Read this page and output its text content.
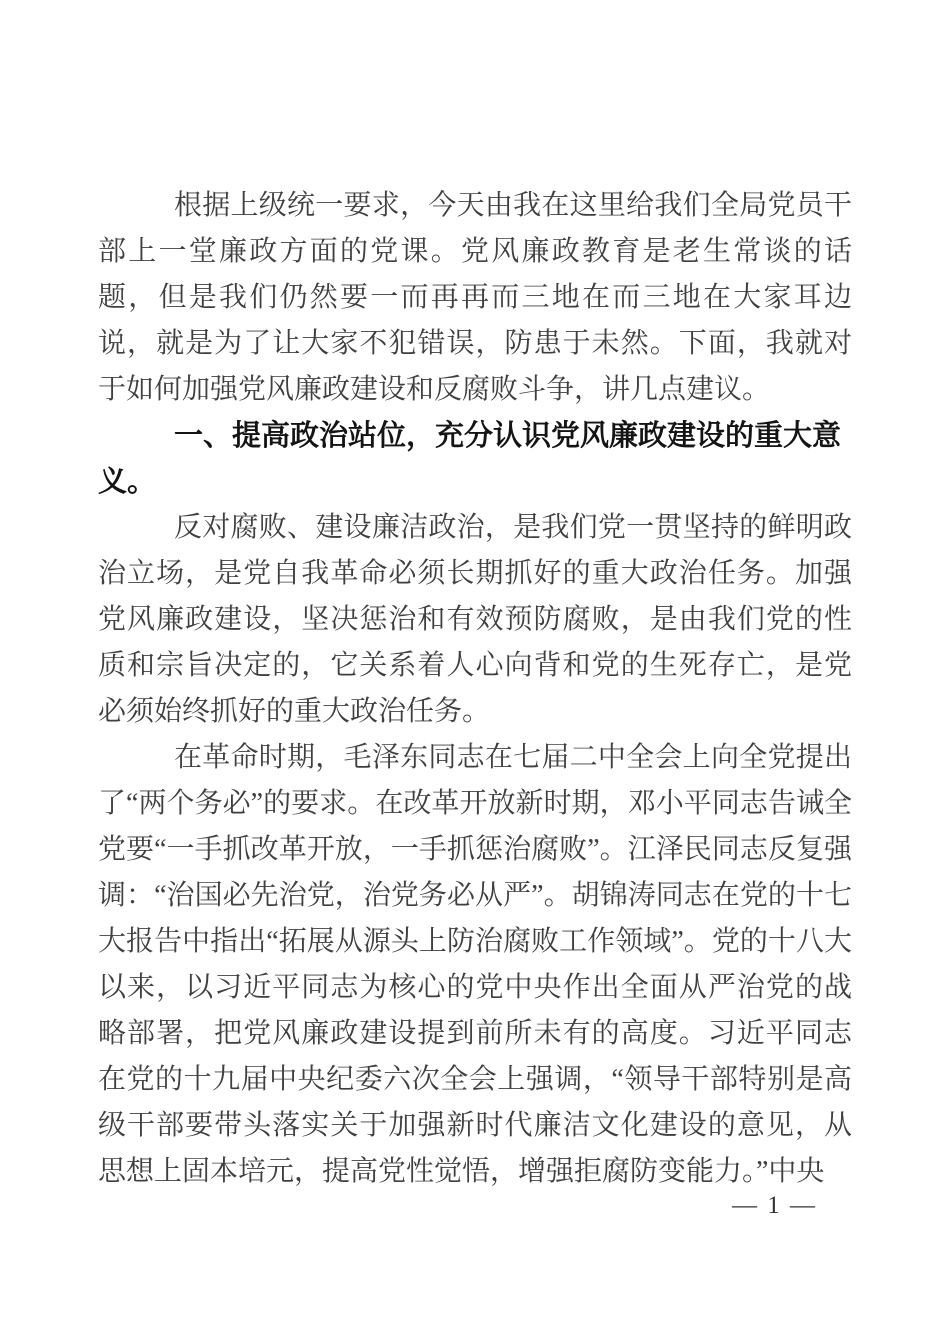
根据上级统一要求，今天由我在这里给我们全局党员干部上一堂廉政方面的党课。党风廉政教育是老生常谈的话题，但是我们仍然要一而再再而三地在而三地在大家耳边说，就是为了让大家不犯错误，防患于未然。下面，我就对于如何加强党风廉政建设和反腐败斗争，讲几点建议。

一、提高政治站位，充分认识党风廉政建设的重大意义。

反对腐败、建设廉洁政治，是我们党一贯坚持的鲜明政治立场，是党自我革命必须长期抓好的重大政治任务。加强党风廉政建设，坚决惩治和有效预防腐败，是由我们党的性质和宗旨决定的，它关系着人心向背和党的生死存亡，是党必须始终抓好的重大政治任务。

在革命时期，毛泽东同志在七届二中全会上向全党提出了“两个务必”的要求。在改革开放新时期，邓小平同志告诫全党要“一手抓改革开放，一手抓惩治腐败”。江泽民同志反复强调：“治国必先治党，治党务必从严”。胡锦涛同志在党的十七大报告中指出“拓展从源头上防治腐败工作领域”。党的十八大以来，以习近平同志为核心的党中央作出全面从严治党的战略部署，把党风廉政建设提到前所未有的高度。习近平同志在党的十九届中央纪委六次全会上强调，“领导干部特别是高级干部要带头落实关于加强新时代廉洁文化建设的意见，从思想上固本培元，提高党性觉悟，增强拒腐防变能力。”中央

— 1 —
